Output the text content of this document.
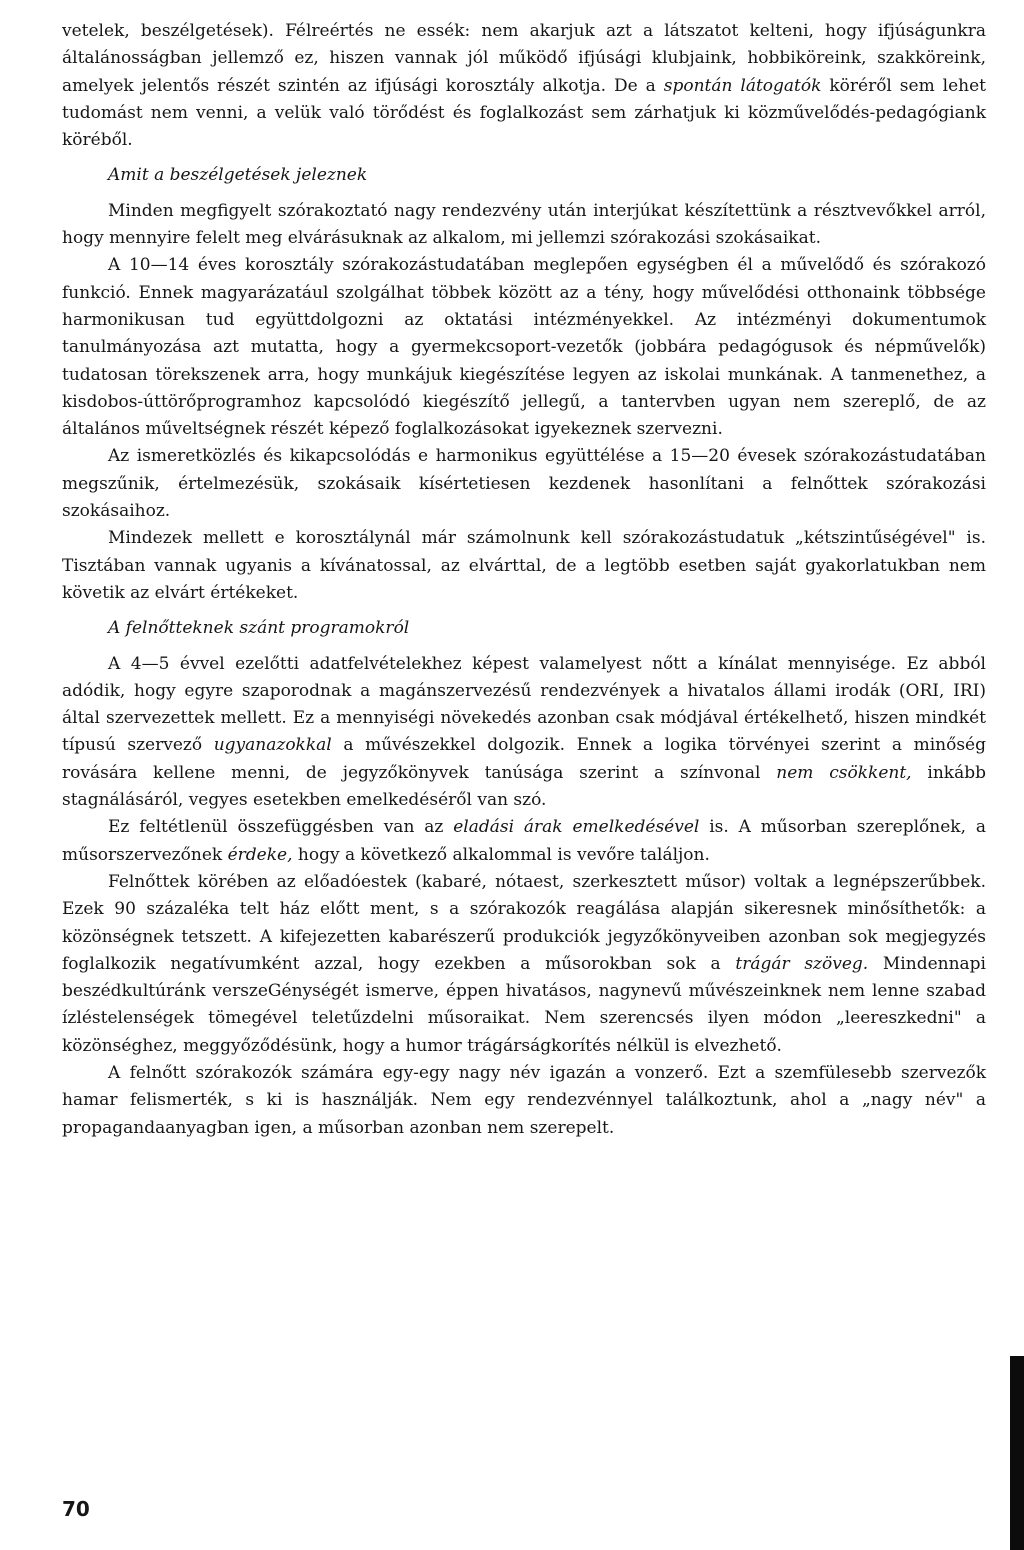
vetelek, beszélgetések). Félreértés ne essék: nem akarjuk azt a látszatot kelteni, hogy ifjúságunkra általánosságban jellemző ez, hiszen vannak jól működő ifjúsági klubjaink, hobbiköreink, szakköreink, amelyek jelentős részét szintén az ifjúsági korosztály alkotja. De a spontán látogatók köréről sem lehet tudomást nem venni, a velük való törődést és foglalkozást sem zárhatjuk ki közművelődés-pedagógiank köréből.

Amit a beszélgetések jeleznek

Minden megfigyelt szórakoztató nagy rendezvény után interjúkat készítettünk a résztvevőkkel arról, hogy mennyire felelt meg elvárásuknak az alkalom, mi jellemzi szórakozási szokásaikat.

A 10—14 éves korosztály szórakozástudatában meglepően egységben él a művelődő és szórakozó funkció. Ennek magyarázatául szolgálhat többek között az a tény, hogy művelődési otthonaink többsége harmonikusan tud együttdolgozni az oktatási intézményekkel. Az intézményi dokumentumok tanulmányozása azt mutatta, hogy a gyermekcsoport-vezetők (jobbára pedagógusok és népművelők) tudatosan törekszenek arra, hogy munkájuk kiegészítése legyen az iskolai munkának. A tanmenethez, a kisdobos-úttörőprogramhoz kapcsolódó kiegészítő jellegű, a tantervben ugyan nem szereplő, de az általános műveltségnek részét képező foglalkozásokat igyekeznek szervezni.

Az ismeretközlés és kikapcsolódás e harmonikus együttélése a 15—20 évesek szórakozástudatában megszűnik, értelmezésük, szokásaik kísértetiesen kezdenek hasonlítani a felnőttek szórakozási szokásaihoz.

Mindezek mellett e korosztálynál már számolnunk kell szórakozástudatuk „kétszintűségével" is. Tisztában vannak ugyanis a kívánatossal, az elvárttal, de a legtöbb esetben saját gyakorlatukban nem követik az elvárt értékeket.

A felnőtteknek szánt programokról

A 4—5 évvel ezelőtti adatfelvételekhez képest valamelyest nőtt a kínálat mennyisége. Ez abból adódik, hogy egyre szaporodnak a magánszervezésű rendezvények a hivatalos állami irodák (ORI, IRI) által szervezettek mellett. Ez a mennyiségi növekedés azonban csak módjával értékelhető, hiszen mindkét típusú szervező ugyanazokkal a művészekkel dolgozik. Ennek a logika törvényei szerint a minőség rovására kellene menni, de jegyzőkönyvek tanúsága szerint a színvonal nem csökkent, inkább stagnálásáról, vegyes esetekben emelkedéséről van szó.

Ez feltétlenül összefüggésben van az eladási árak emelkedésével is. A műsorban szereplőnek, a műsorszervezőnek érdeke, hogy a következő alkalommal is vevőre találjon.

Felnőttek körében az előadóestek (kabaré, nótaest, szerkesztett műsor) voltak a legnépszerűbbek. Ezek 90 százaléka telt ház előtt ment, s a szórakozók reagálása alapján sikeresnek minősíthetők: a közönségnek tetszett. A kifejezetten kabarészerű produkciók jegyzőkönyveiben azonban sok megjegyzés foglalkozik negatívumként azzal, hogy ezekben a műsorokban sok a trágár szöveg. Mindennapi beszédkultúránk verszeGénységét ismerve, éppen hivatásos, nagynevű művészeinknek nem lenne szabad ízléstelenségek tömegével teletűzdelni műsoraikat. Nem szerencsés ilyen módon „leereszkedni" a közönséghez, meggyőződésünk, hogy a humor trágárságkorítés nélkül is elvezhető.

A felnőtt szórakozók számára egy-egy nagy név igazán a vonzerő. Ezt a szemfülesebb szervezők hamar felismerték, s ki is használják. Nem egy rendezvénnyel találkoztunk, ahol a „nagy név" a propagandaanyagban igen, a műsorban azonban nem szerepelt.

70
